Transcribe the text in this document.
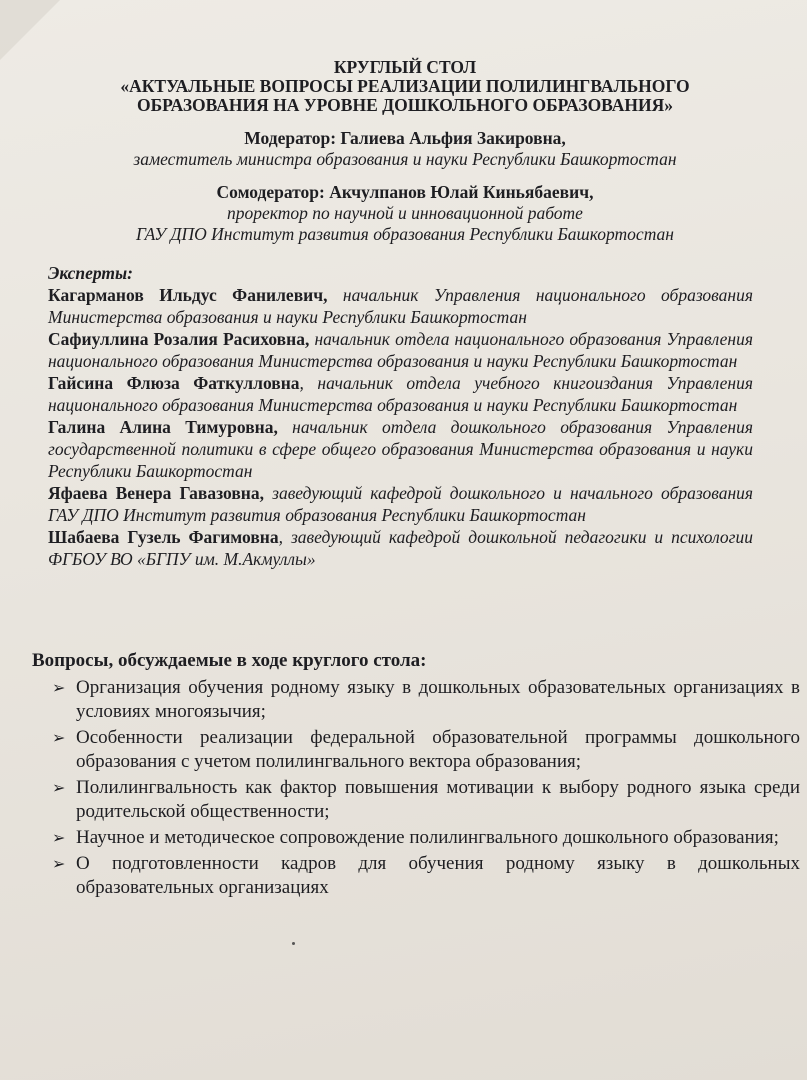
КРУГЛЫЙ СТОЛ
«АКТУАЛЬНЫЕ ВОПРОСЫ РЕАЛИЗАЦИИ ПОЛИЛИНГВАЛЬНОГО
ОБРАЗОВАНИЯ НА УРОВНЕ ДОШКОЛЬНОГО ОБРАЗОВАНИЯ»
Модератор: Галиева Альфия Закировна,
заместитель министра образования и науки Республики Башкортостан
Сомодератор: Акчулпанов Юлай Киньябаевич,
проректор по научной и инновационной работе
ГАУ ДПО Институт развития образования Республики Башкортостан

Эксперты:

Кагарманов Ильдус Фанилевич, начальник Управления национального образования Министерства образования и науки Республики Башкортостан

Сафиуллина Розалия Расиховна, начальник отдела национального образования Управления национального образования Министерства образования и науки Республики Башкортостан

Гайсина Флюза Фаткулловна, начальник отдела учебного книгоиздания Управления национального образования Министерства образования и науки Республики Башкортостан

Галина Алина Тимуровна, начальник отдела дошкольного образования Управления государственной политики в сфере общего образования Министерства образования и науки Республики Башкортостан

Яфаева Венера Гавазовна, заведующий кафедрой дошкольного и начального образования ГАУ ДПО Институт развития образования Республики Башкортостан

Шабаева Гузель Фагимовна, заведующий кафедрой дошкольной педагогики и психологии ФГБОУ ВО «БГПУ им. М.Акмуллы»

Вопросы, обсуждаемые в ходе круглого стола:
➢ Организация обучения родному языку в дошкольных образовательных организациях в условиях многоязычия;
➢ Особенности реализации федеральной образовательной программы дошкольного образования с учетом полилингвального вектора образования;
➢ Полилингвальность как фактор повышения мотивации к выбору родного языка среди родительской общественности;
➢ Научное и методическое сопровождение полилингвального дошкольного образования;
➢ О подготовленности кадров для обучения родному языку в дошкольных образовательных организациях
